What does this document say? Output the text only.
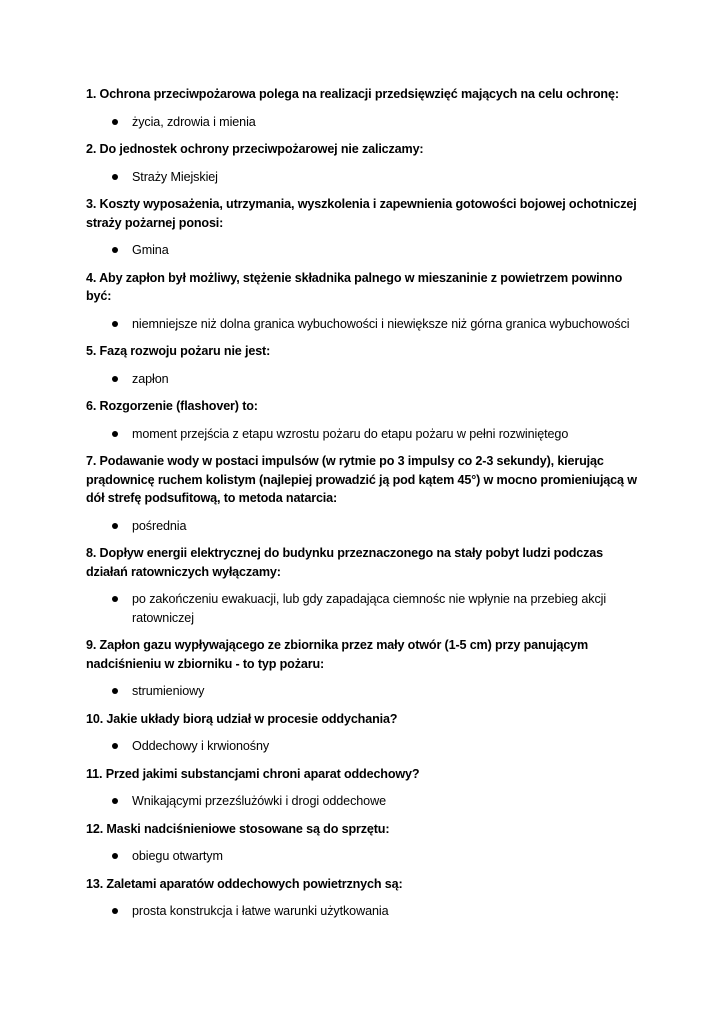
1. Ochrona przeciwpożarowa polega na realizacji przedsięwzięć mających na celu ochronę:

życia, zdrowia i mienia

2. Do jednostek ochrony przeciwpożarowej nie zaliczamy:

Straży Miejskiej

3. Koszty wyposażenia, utrzymania, wyszkolenia i zapewnienia gotowości bojowej ochotniczej straży pożarnej ponosi:

Gmina

4. Aby zapłon był możliwy, stężenie składnika palnego w mieszaninie z powietrzem powinno być:

niemniejsze niż dolna granica wybuchowości i niewiększe niż górna granica wybuchowości

5. Fazą rozwoju pożaru nie jest:

zapłon

6. Rozgorzenie (flashover) to:

moment przejścia z etapu wzrostu pożaru do etapu pożaru w pełni rozwiniętego

7. Podawanie wody w postaci impulsów (w rytmie po 3 impulsy co 2-3 sekundy), kierując prądownicę ruchem kolistym (najlepiej prowadzić ją pod kątem 45°) w mocno promieniującą w dół strefę podsufitową, to metoda natarcia:

pośrednia

8. Dopływ energii elektrycznej do budynku przeznaczonego na stały pobyt ludzi podczas działań ratowniczych wyłączamy:

po zakończeniu ewakuacji, lub gdy zapadająca ciemnośc nie wpłynie na przebieg akcji ratowniczej

9. Zapłon gazu wypływającego ze zbiornika przez mały otwór (1-5 cm) przy panującym nadciśnieniu w zbiorniku - to typ pożaru:

strumieniowy

10. Jakie układy biorą udział w procesie oddychania?

Oddechowy i krwionośny

11. Przed jakimi substancjami chroni aparat oddechowy?

Wnikającymi przezślużówki i drogi oddechowe

12. Maski nadciśnieniowe stosowane są do sprzętu:

obiegu otwartym

13. Zaletami aparatów oddechowych powietrznych są:

prosta konstrukcja i łatwe warunki użytkowania
